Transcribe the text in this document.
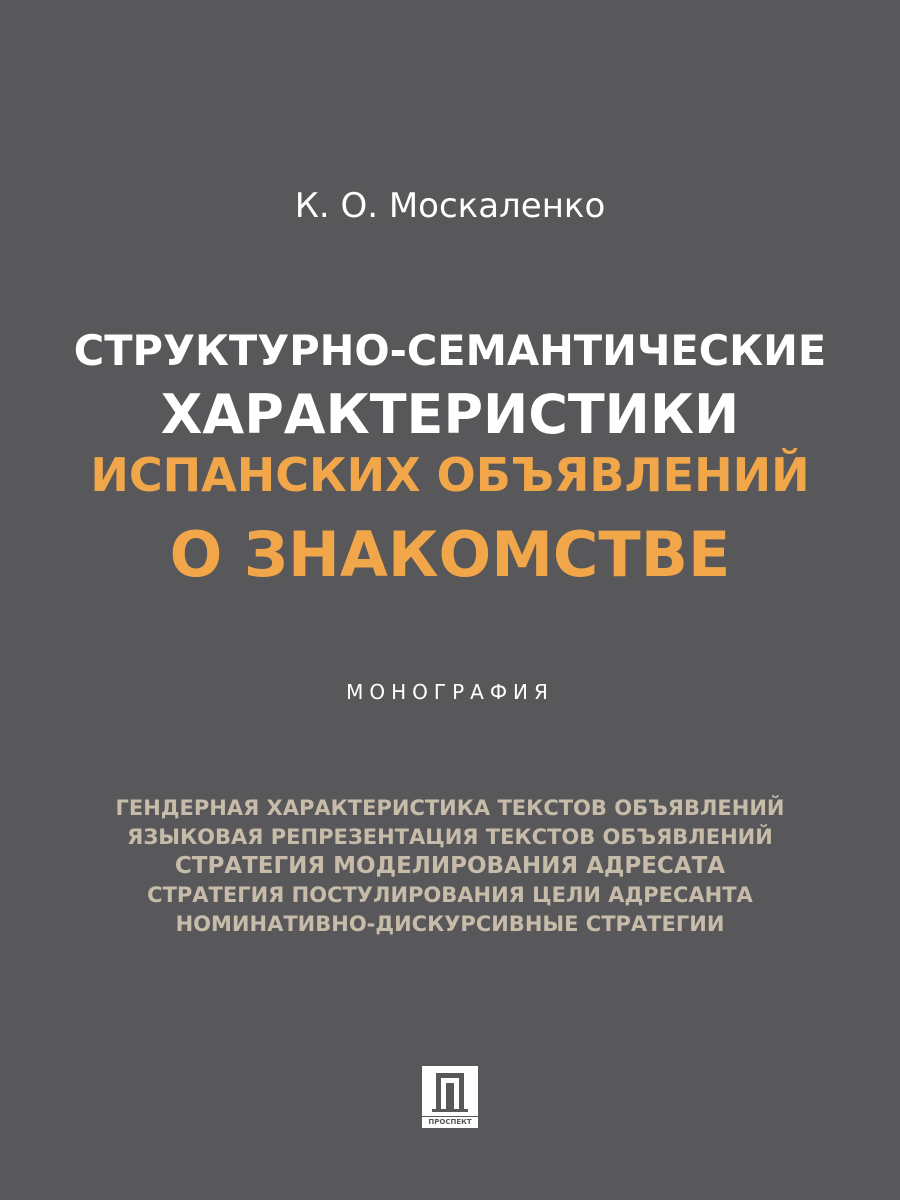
К. О. Москаленко
СТРУКТУРНО-СЕМАНТИЧЕСКИЕ
ХАРАКТЕРИСТИКИ
ИСПАНСКИХ ОБЪЯВЛЕНИЙ
О ЗНАКОМСТВЕ
МОНОГРАФИЯ
ГЕНДЕРНАЯ ХАРАКТЕРИСТИКА ТЕКСТОВ ОБЪЯВЛЕНИЙ
ЯЗЫКОВАЯ РЕПРЕЗЕНТАЦИЯ ТЕКСТОВ ОБЪЯВЛЕНИЙ
СТРАТЕГИЯ МОДЕЛИРОВАНИЯ АДРЕСАТА
СТРАТЕГИЯ ПОСТУЛИРОВАНИЯ ЦЕЛИ АДРЕСАНТА
НОМИНАТИВНО-ДИСКУРСИВНЫЕ СТРАТЕГИИ
ПРОСПЕКТ
